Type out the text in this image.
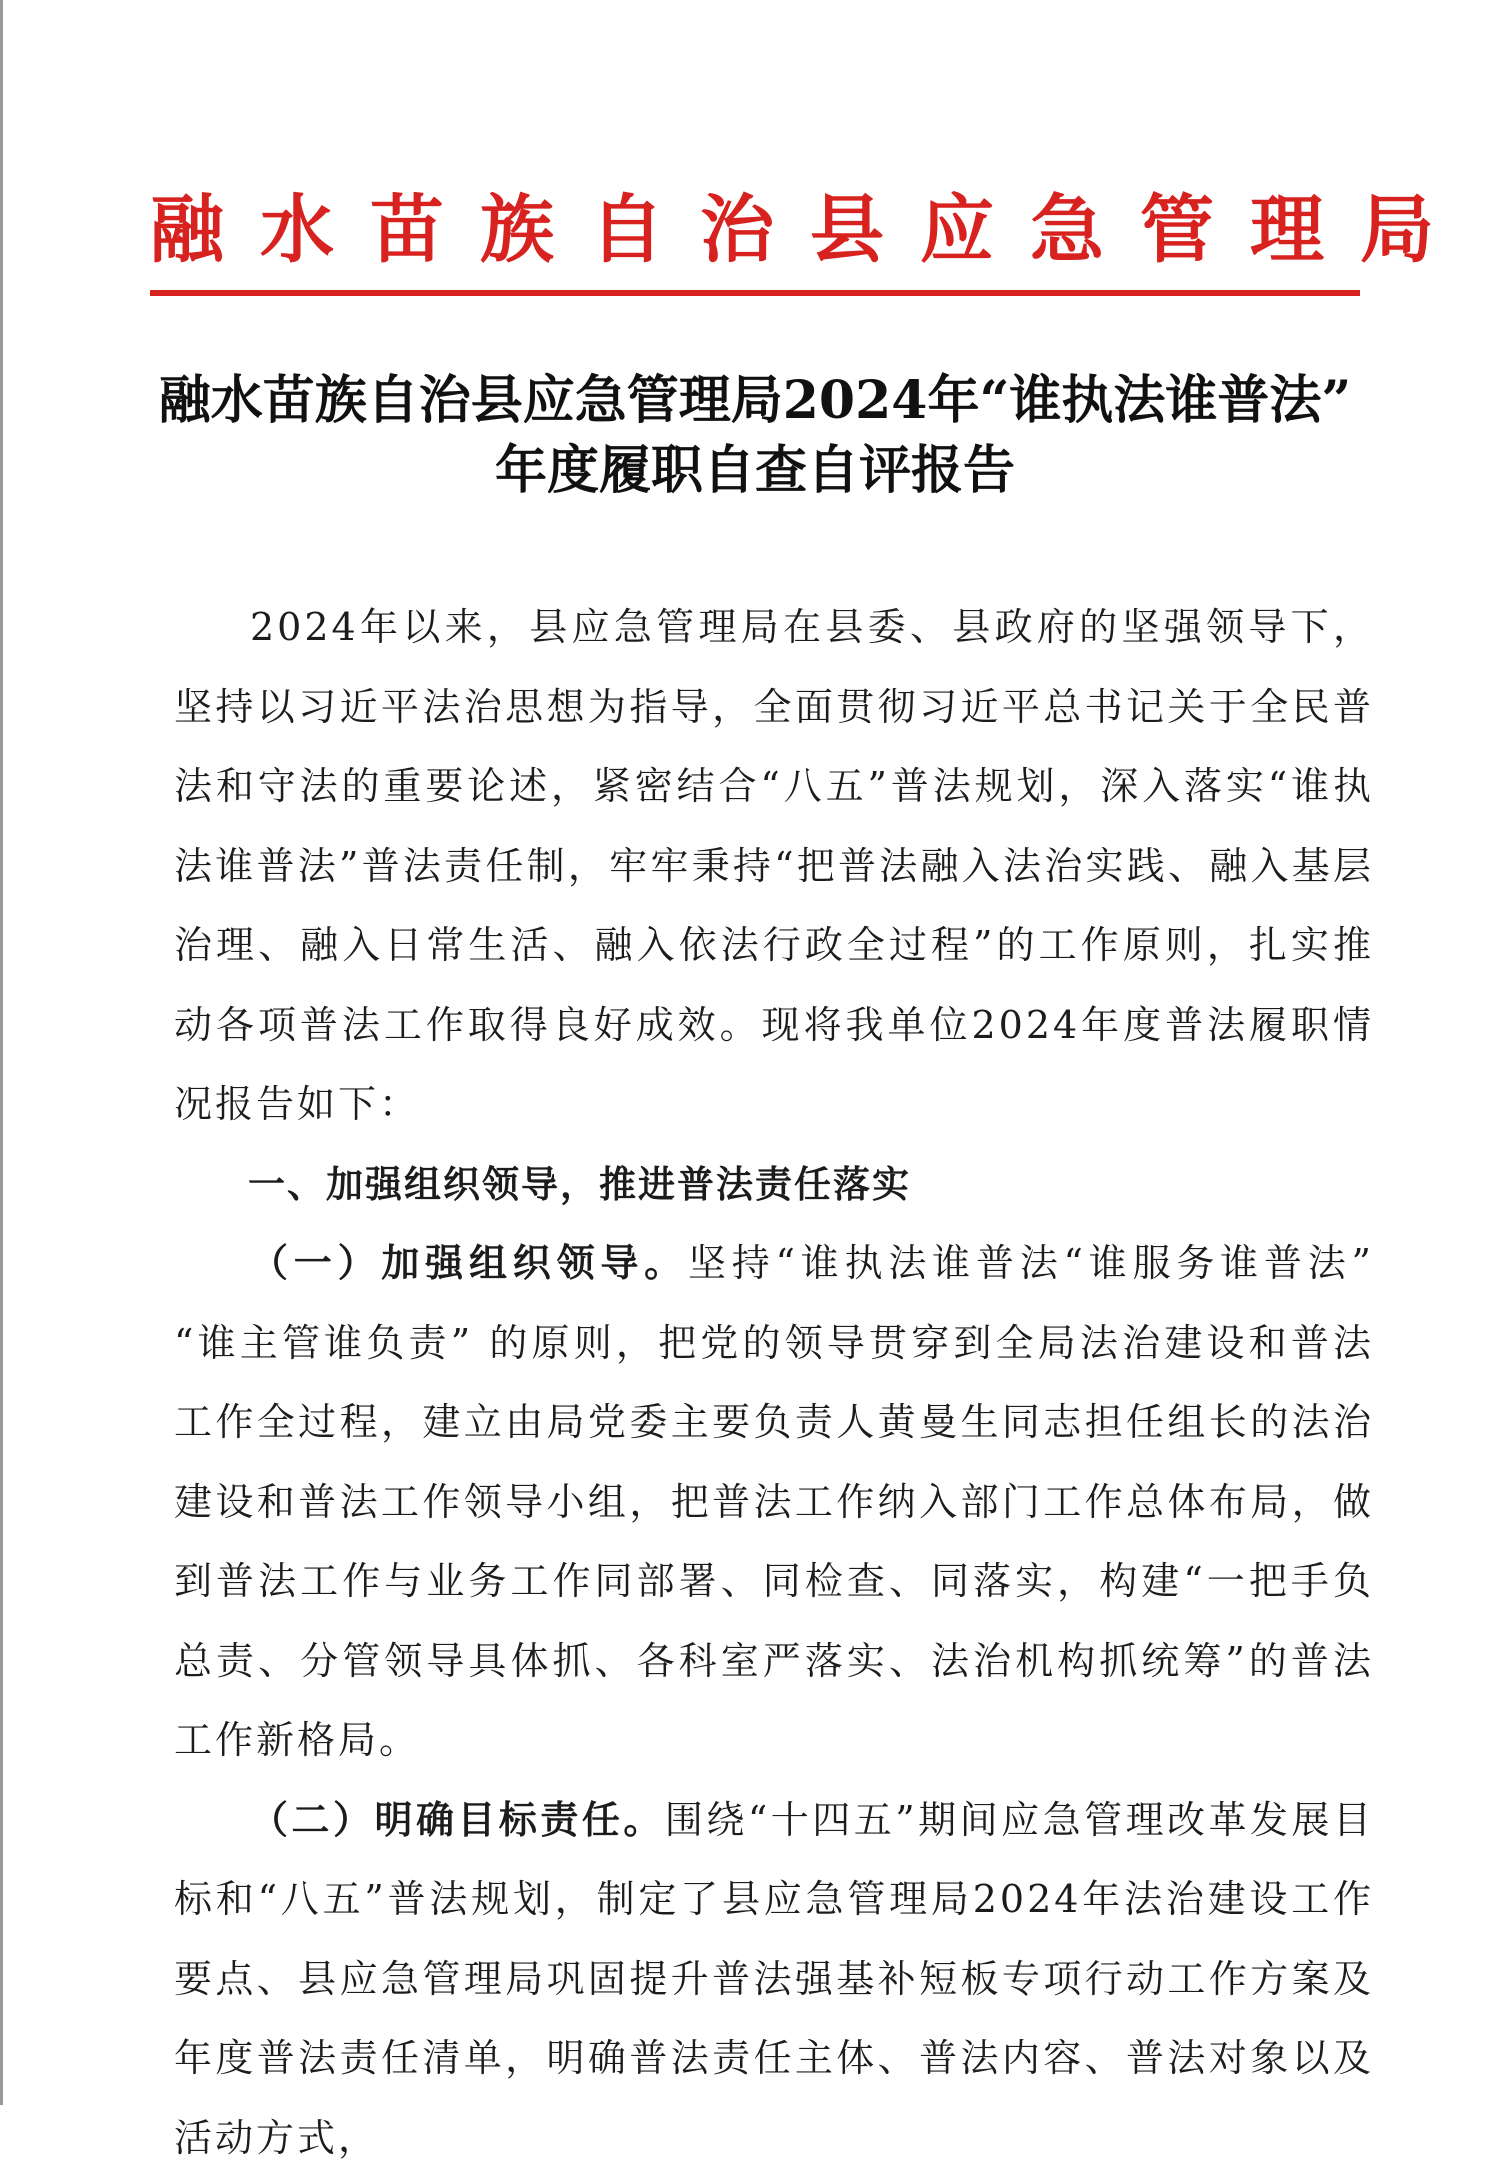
融水苗族自治县应急管理局
融水苗族自治县应急管理局2024年“谁执法谁普法”
年度履职自查自评报告

2024年以来，县应急管理局在县委、县政府的坚强领导下，坚持以习近平法治思想为指导，全面贯彻习近平总书记关于全民普法和守法的重要论述，紧密结合“八五”普法规划，深入落实“谁执法谁普法”普法责任制，牢牢秉持“把普法融入法治实践、融入基层治理、融入日常生活、融入依法行政全过程”的工作原则，扎实推动各项普法工作取得良好成效。现将我单位2024年度普法履职情况报告如下：

一、加强组织领导，推进普法责任落实

（一）加强组织领导。坚持“谁执法谁普法“谁服务谁普法” “谁主管谁负责” 的原则，把党的领导贯穿到全局法治建设和普法工作全过程，建立由局党委主要负责人黄曼生同志担任组长的法治建设和普法工作领导小组，把普法工作纳入部门工作总体布局，做到普法工作与业务工作同部署、同检查、同落实，构建“一把手负总责、分管领导具体抓、各科室严落实、法治机构抓统筹”的普法工作新格局。

（二）明确目标责任。围绕“十四五”期间应急管理改革发展目标和“八五”普法规划，制定了县应急管理局2024年法治建设工作要点、县应急管理局巩固提升普法强基补短板专项行动工作方案及年度普法责任清单，明确普法责任主体、普法内容、普法对象以及活动方式，
